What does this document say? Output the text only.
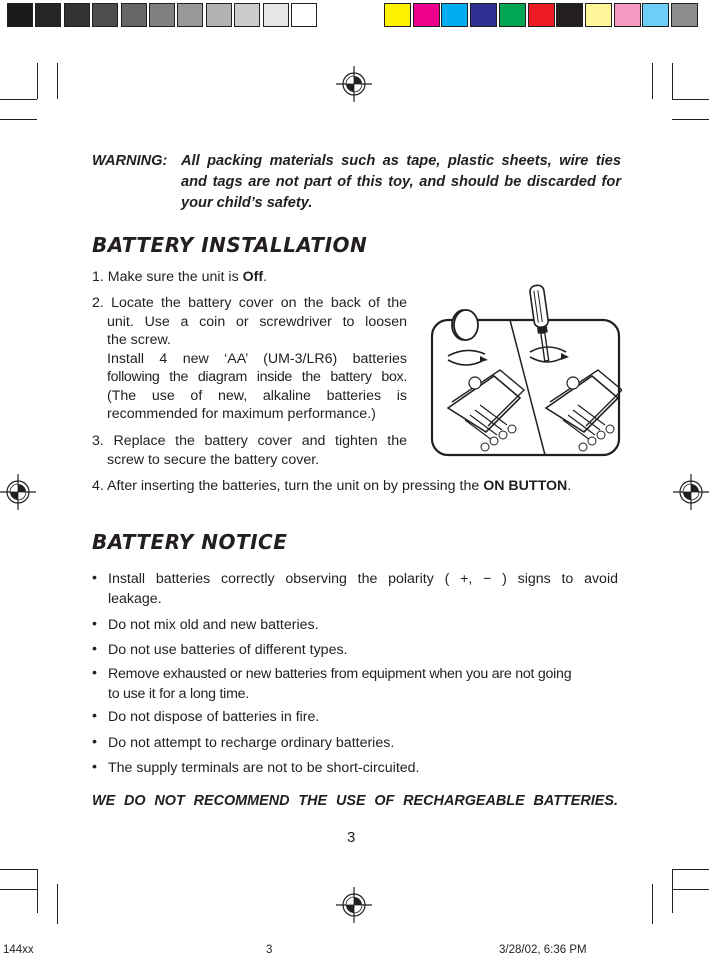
WARNING: All packing materials such as tape, plastic sheets, wire ties
and tags are not part of this toy, and should be discarded for
your child’s safety.
BATTERY INSTALLATION
1. Make sure the unit is Off.
2. Locate the battery cover on the back of the
unit. Use a coin or screwdriver to loosen
the screw.
Install 4 new ‘AA’ (UM-3/LR6) batteries
following the diagram inside the battery box.
(The use of new, alkaline batteries is
recommended for maximum performance.)
3. Replace the battery cover and tighten the
screw to secure the battery cover.
4. After inserting the batteries, turn the unit on by pressing the ON BUTTON.
BATTERY NOTICE
• Install batteries correctly observing the polarity ( +, − ) signs to avoid
leakage.
• Do not mix old and new batteries.
• Do not use batteries of different types.
• Remove exhausted or new batteries from equipment when you are not going
to use it for a long time.
• Do not dispose of batteries in fire.
• Do not attempt to recharge ordinary batteries.
• The supply terminals are not to be short-circuited.
WE DO NOT RECOMMEND THE USE OF RECHARGEABLE BATTERIES.
3
144xx	3	3/28/02, 6:36 PM
